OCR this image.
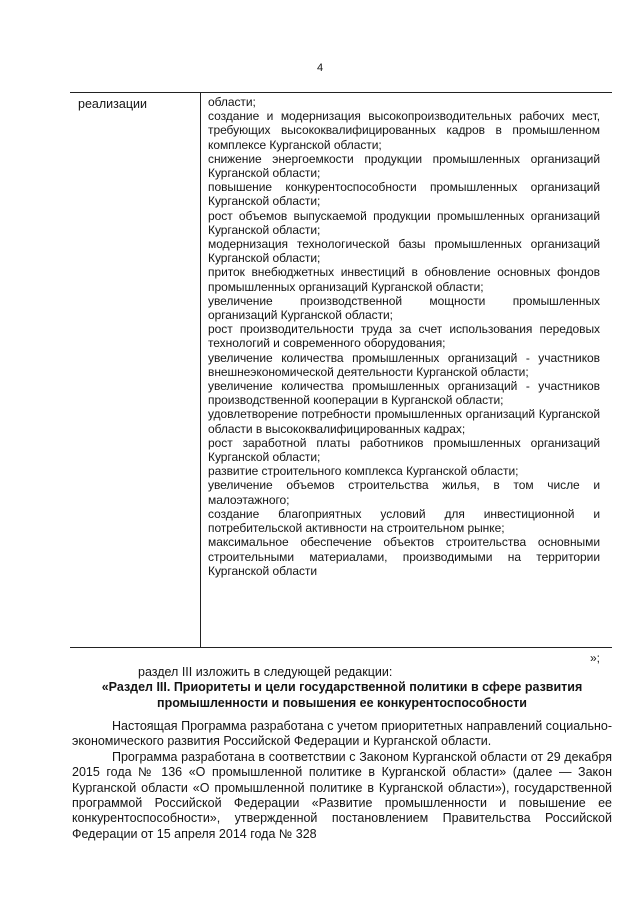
4
реализации	области;
создание и модернизация высокопроизводительных рабочих мест, требующих высококвалифицированных кадров в промышленном комплексе Курганской области;
снижение энергоемкости продукции промышленных организаций Курганской области;
повышение конкурентоспособности промышленных организаций Курганской области;
рост объемов выпускаемой продукции промышленных организаций Курганской области;
модернизация технологической базы промышленных организаций Курганской области;
приток внебюджетных инвестиций в обновление основных фондов промышленных организаций Курганской области;
увеличение производственной мощности промышленных организаций Курганской области;
рост производительности труда за счет использования передовых технологий и современного оборудования;
увеличение количества промышленных организаций - участников внешнеэкономической деятельности Курганской области;
увеличение количества промышленных организаций - участников производственной кооперации в Курганской области;
удовлетворение потребности промышленных организаций Курганской области в высококвалифицированных кадрах;
рост заработной платы работников промышленных организаций Курганской области;
развитие строительного комплекса Курганской области;
увеличение объемов строительства жилья, в том числе и малоэтажного;
создание благоприятных условий для инвестиционной и потребительской активности на строительном рынке;
максимальное обеспечение объектов строительства основными строительными материалами, производимыми на территории Курганской области
»;
раздел III изложить в следующей редакции:
«Раздел III. Приоритеты и цели государственной политики в сфере развития промышленности и повышения ее конкурентоспособности

Настоящая Программа разработана с учетом приоритетных направлений социально-экономического развития Российской Федерации и Курганской области.

Программа разработана в соответствии с Законом Курганской области от 29 декабря 2015 года № 136 «О промышленной политике в Курганской области» (далее — Закон Курганской области «О промышленной политике в Курганской области»), государственной программой Российской Федерации «Развитие промышленности и повышение ее конкурентоспособности», утвержденной постановлением Правительства Российской Федерации от 15 апреля 2014 года № 328
